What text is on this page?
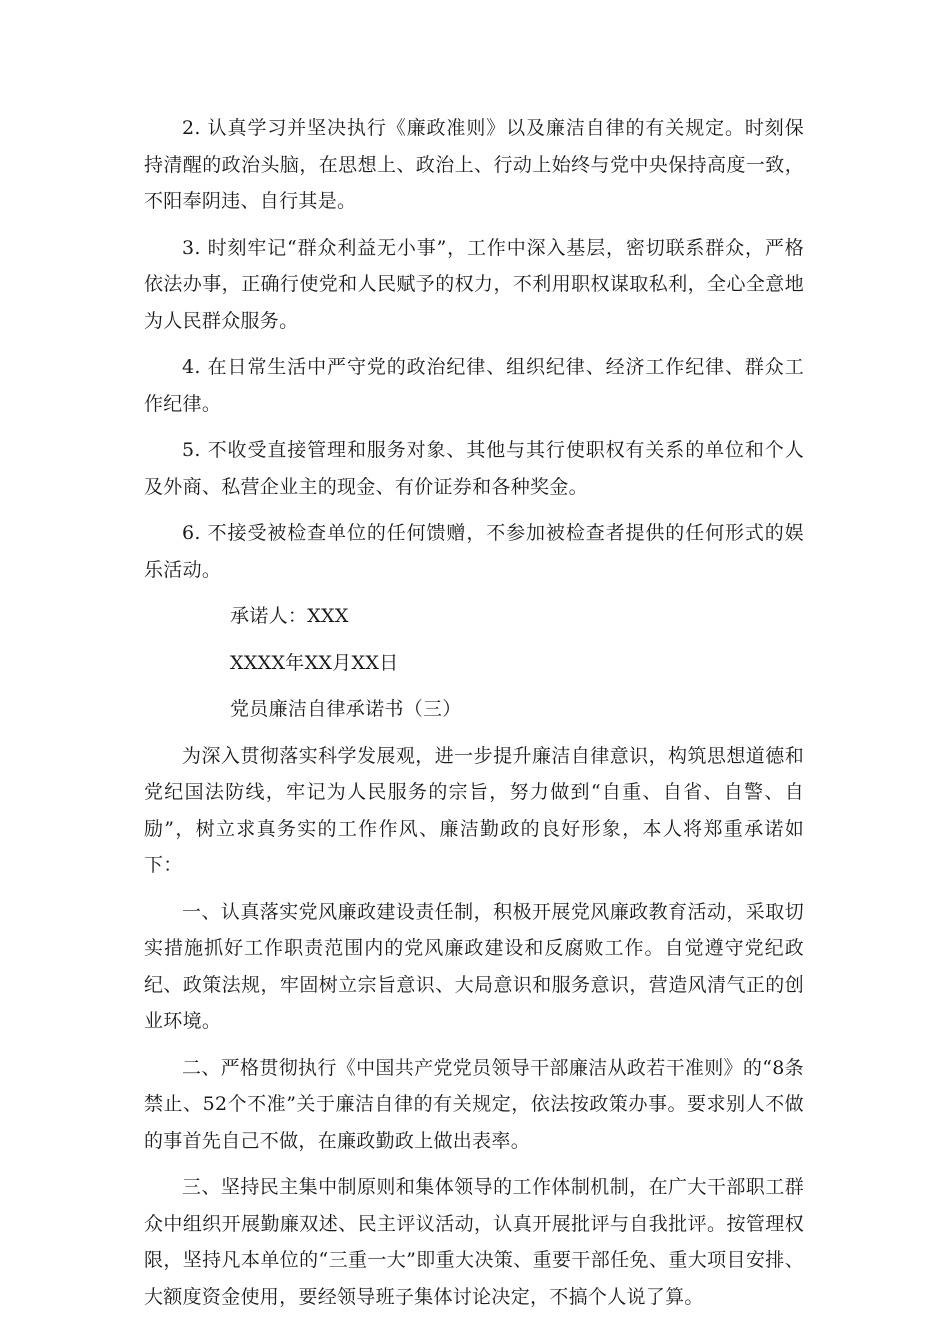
2. 认真学习并坚决执行《廉政准则》以及廉洁自律的有关规定。时刻保持清醒的政治头脑，在思想上、政治上、行动上始终与党中央保持高度一致，不阳奉阴违、自行其是。

3. 时刻牢记“群众利益无小事”，工作中深入基层，密切联系群众，严格依法办事，正确行使党和人民赋予的权力，不利用职权谋取私利，全心全意地为人民群众服务。

4. 在日常生活中严守党的政治纪律、组织纪律、经济工作纪律、群众工作纪律。

5. 不收受直接管理和服务对象、其他与其行使职权有关系的单位和个人及外商、私营企业主的现金、有价证券和各种奖金。

6. 不接受被检查单位的任何馈赠，不参加被检查者提供的任何形式的娱乐活动。

承诺人：XXX

XXXX年XX月XX日

党员廉洁自律承诺书（三）

为深入贯彻落实科学发展观，进一步提升廉洁自律意识，构筑思想道德和党纪国法防线，牢记为人民服务的宗旨，努力做到“自重、自省、自警、自励”，树立求真务实的工作作风、廉洁勤政的良好形象，本人将郑重承诺如下：

一、认真落实党风廉政建设责任制，积极开展党风廉政教育活动，采取切实措施抓好工作职责范围内的党风廉政建设和反腐败工作。自觉遵守党纪政纪、政策法规，牢固树立宗旨意识、大局意识和服务意识，营造风清气正的创业环境。

二、严格贯彻执行《中国共产党党员领导干部廉洁从政若干准则》的“8条禁止、52个不准”关于廉洁自律的有关规定，依法按政策办事。要求别人不做的事首先自己不做，在廉政勤政上做出表率。

三、坚持民主集中制原则和集体领导的工作体制机制，在广大干部职工群众中组织开展勤廉双述、民主评议活动，认真开展批评与自我批评。按管理权限，坚持凡本单位的“三重一大”即重大决策、重要干部任免、重大项目安排、大额度资金使用，要经领导班子集体讨论决定，不搞个人说了算。
